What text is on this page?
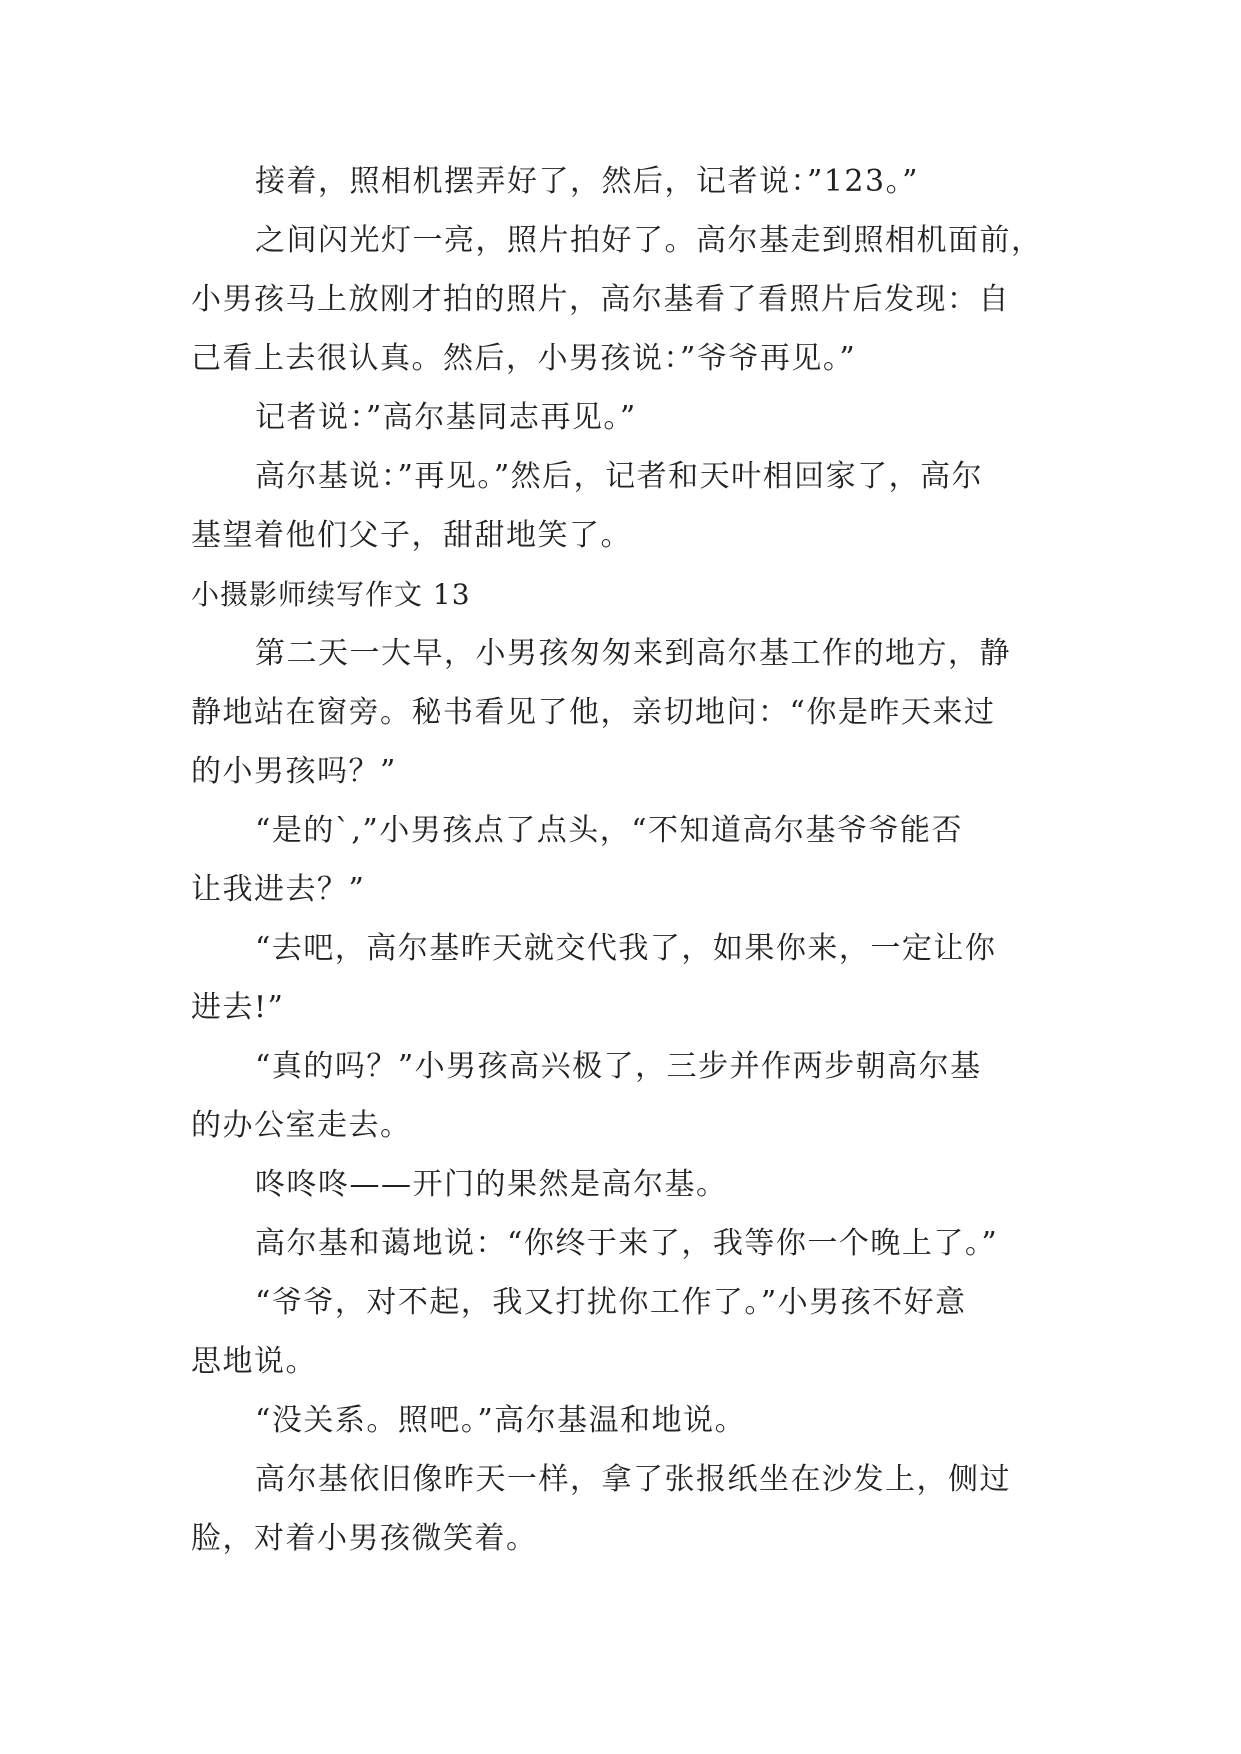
接着，照相机摆弄好了，然后，记者说：”123。”
之间闪光灯一亮，照片拍好了。高尔基走到照相机面前，
小男孩马上放刚才拍的照片，高尔基看了看照片后发现：自
己看上去很认真。然后，小男孩说：”爷爷再见。”
记者说：”高尔基同志再见。”
高尔基说：”再见。”然后，记者和天叶相回家了，高尔
基望着他们父子，甜甜地笑了。
小摄影师续写作文 13
第二天一大早，小男孩匆匆来到高尔基工作的地方，静
静地站在窗旁。秘书看见了他，亲切地问：“你是昨天来过
的小男孩吗？”
“是的`,”小男孩点了点头，“不知道高尔基爷爷能否
让我进去？”
“去吧，高尔基昨天就交代我了，如果你来，一定让你
进去!”
“真的吗？”小男孩高兴极了，三步并作两步朝高尔基
的办公室走去。
咚咚咚——开门的果然是高尔基。
高尔基和蔼地说：“你终于来了，我等你一个晚上了。”
“爷爷，对不起，我又打扰你工作了。”小男孩不好意
思地说。
“没关系。照吧。”高尔基温和地说。
高尔基依旧像昨天一样，拿了张报纸坐在沙发上，侧过
脸，对着小男孩微笑着。
